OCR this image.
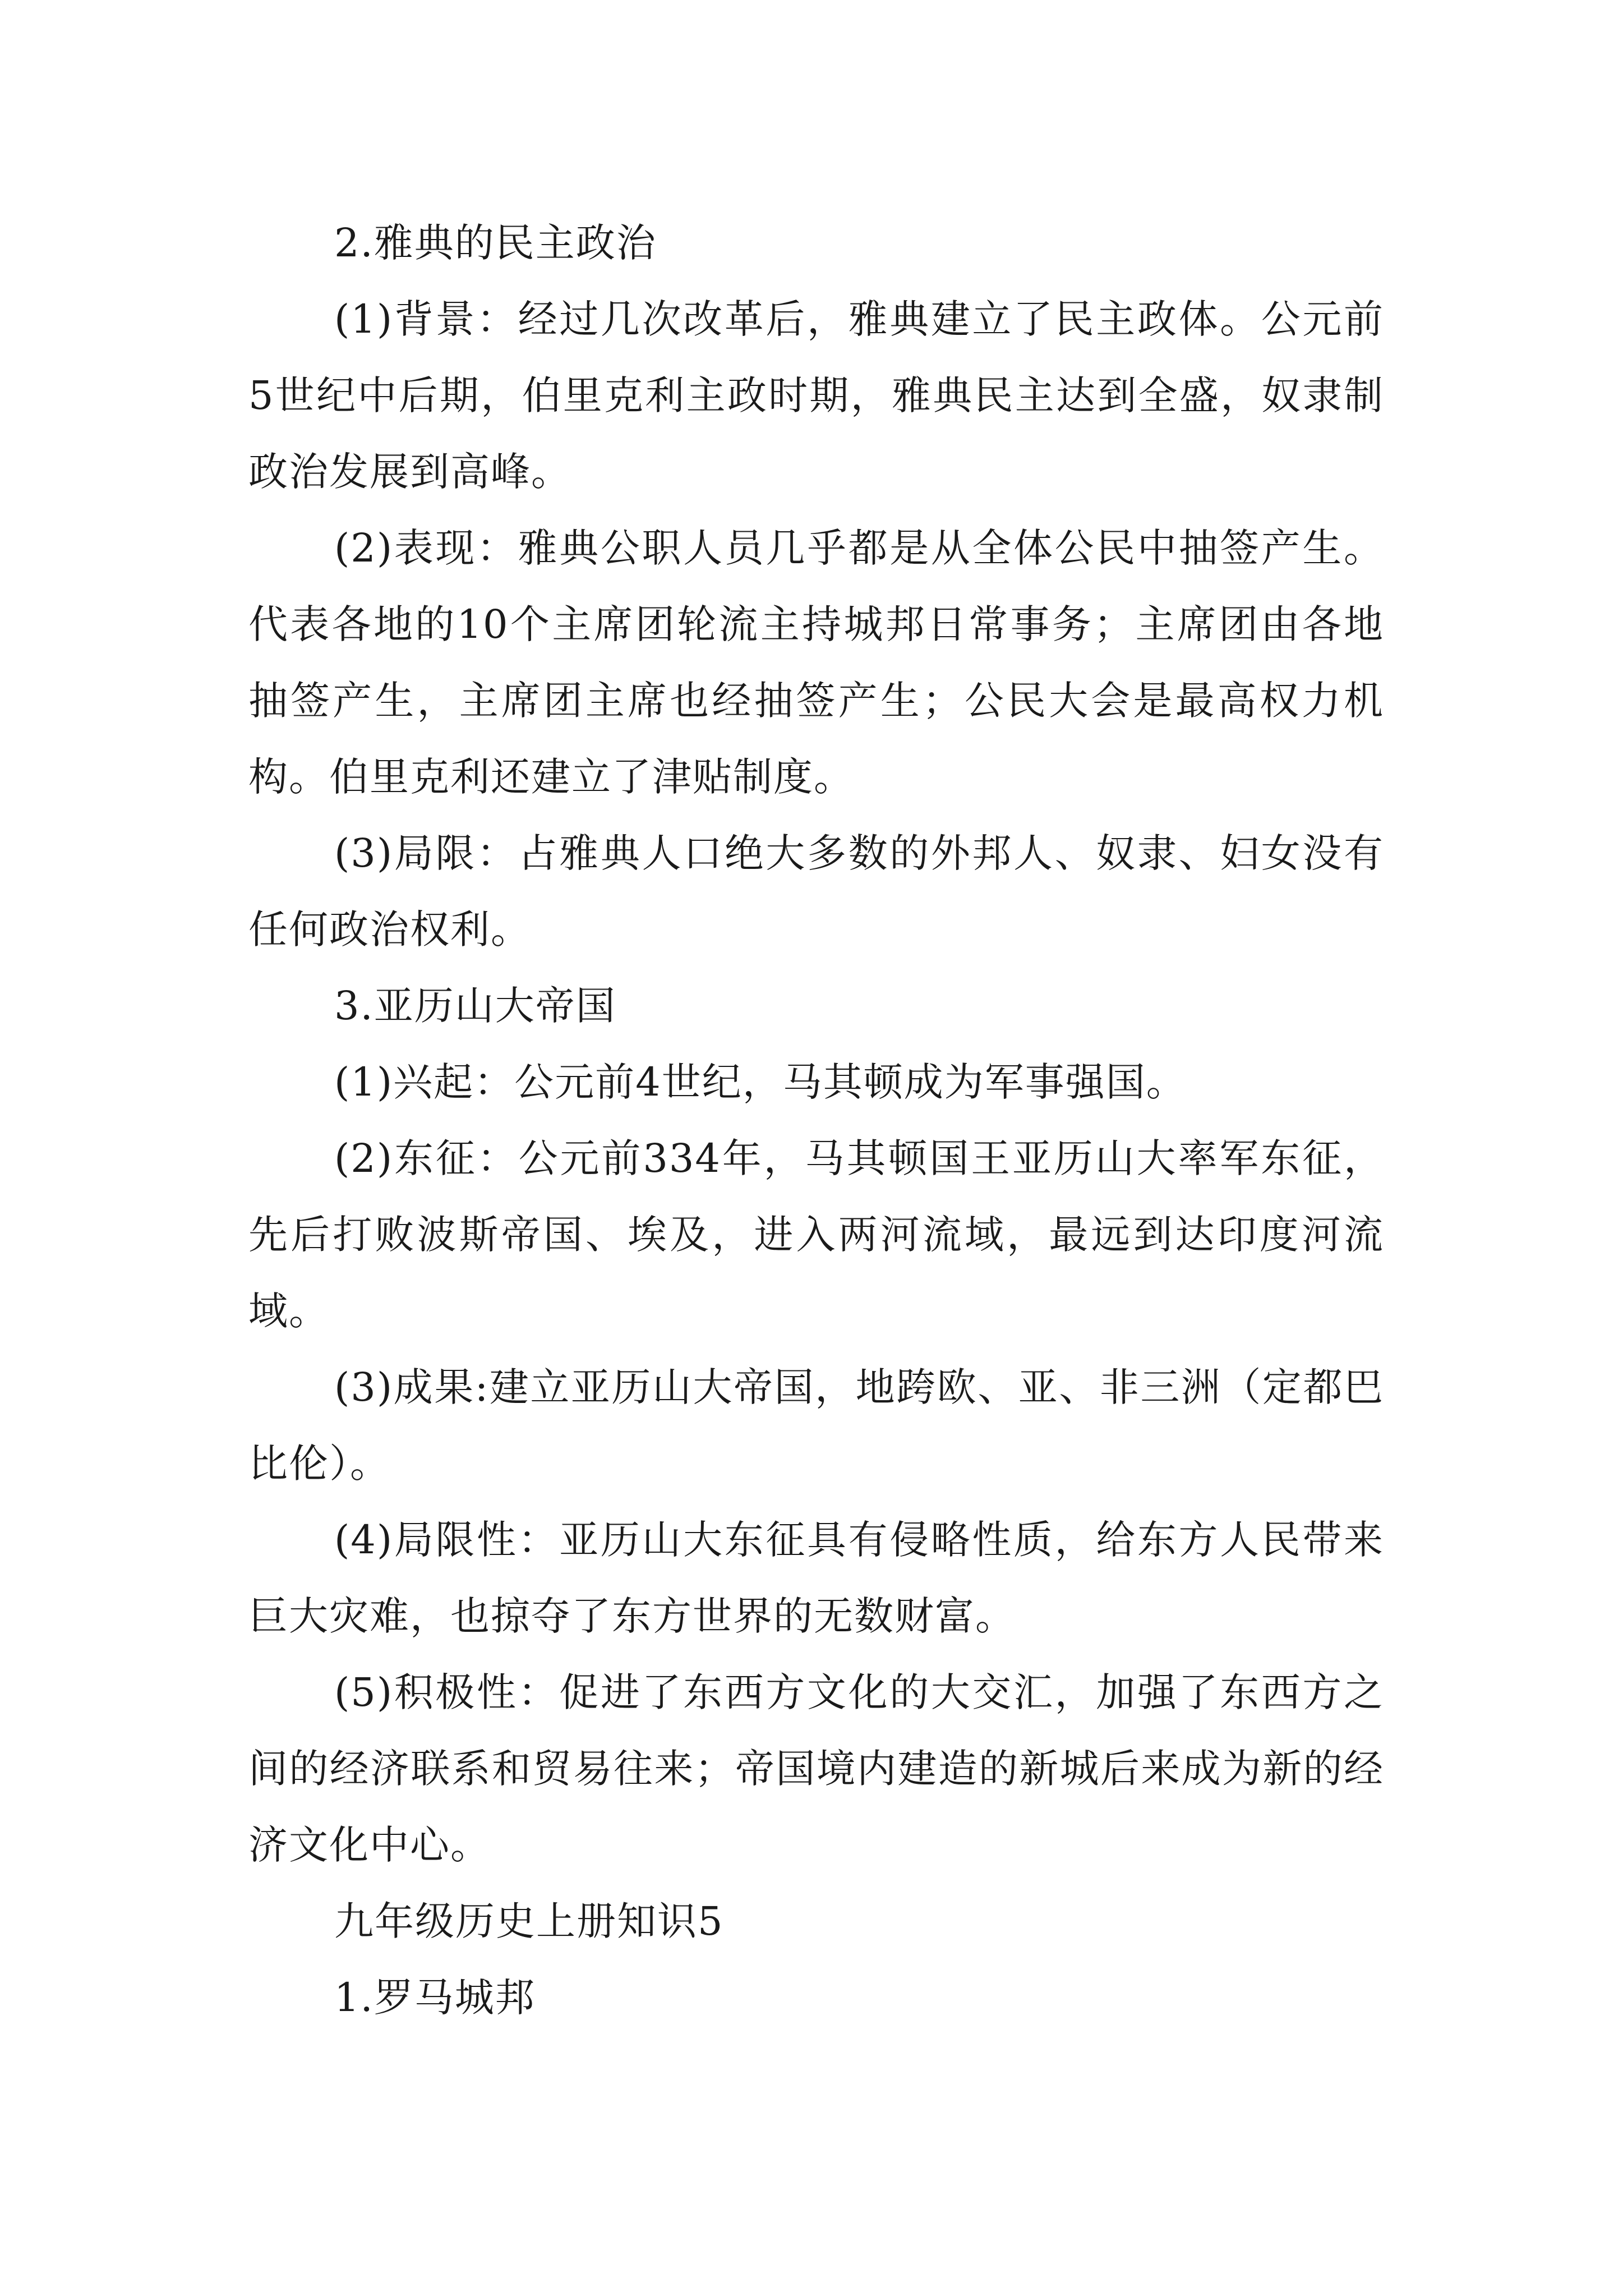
2.雅典的民主政治

(1)背景：经过几次改革后，雅典建立了民主政体。公元前5世纪中后期，伯里克利主政时期，雅典民主达到全盛，奴隶制政治发展到高峰。

(2)表现：雅典公职人员几乎都是从全体公民中抽签产生。代表各地的10个主席团轮流主持城邦日常事务；主席团由各地抽签产生，主席团主席也经抽签产生；公民大会是最高权力机构。伯里克利还建立了津贴制度。

(3)局限：占雅典人口绝大多数的外邦人、奴隶、妇女没有任何政治权利。

3.亚历山大帝国

(1)兴起：公元前4世纪，马其顿成为军事强国。

(2)东征：公元前334年，马其顿国王亚历山大率军东征，先后打败波斯帝国、埃及，进入两河流域，最远到达印度河流域。

(3)成果:建立亚历山大帝国，地跨欧、亚、非三洲（定都巴比伦）。

(4)局限性：亚历山大东征具有侵略性质，给东方人民带来巨大灾难，也掠夺了东方世界的无数财富。

(5)积极性：促进了东西方文化的大交汇，加强了东西方之间的经济联系和贸易往来；帝国境内建造的新城后来成为新的经济文化中心。

九年级历史上册知识5

1.罗马城邦
